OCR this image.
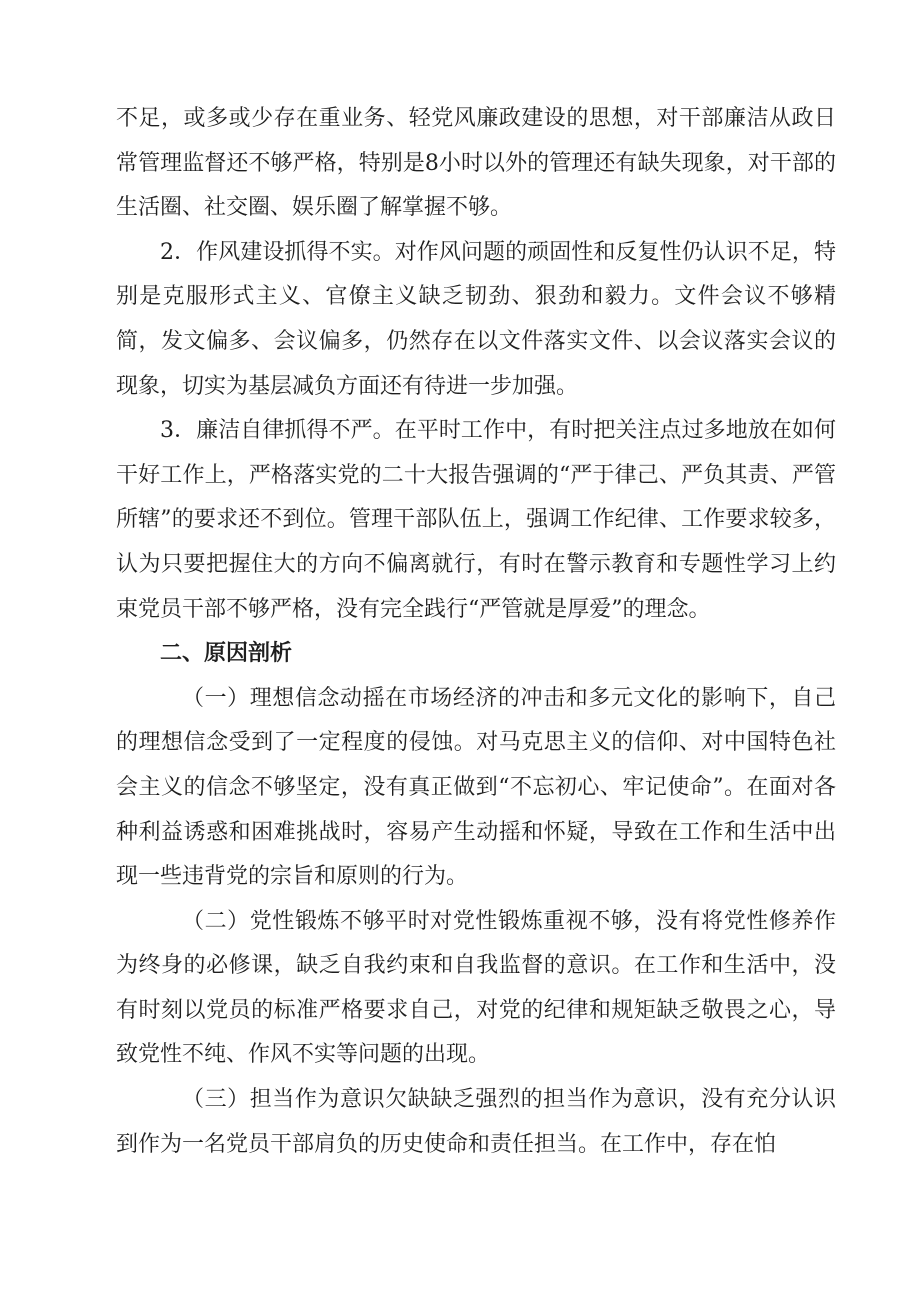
不足，或多或少存在重业务、轻党风廉政建设的思想，对干部廉洁从政日常管理监督还不够严格，特别是8小时以外的管理还有缺失现象，对干部的生活圈、社交圈、娱乐圈了解掌握不够。

2．作风建设抓得不实。对作风问题的顽固性和反复性仍认识不足，特别是克服形式主义、官僚主义缺乏韧劲、狠劲和毅力。文件会议不够精简，发文偏多、会议偏多，仍然存在以文件落实文件、以会议落实会议的现象，切实为基层减负方面还有待进一步加强。

3．廉洁自律抓得不严。在平时工作中，有时把关注点过多地放在如何干好工作上，严格落实党的二十大报告强调的“严于律己、严负其责、严管所辖”的要求还不到位。管理干部队伍上，强调工作纪律、工作要求较多，认为只要把握住大的方向不偏离就行，有时在警示教育和专题性学习上约束党员干部不够严格，没有完全践行“严管就是厚爱”的理念。

二、原因剖析

（一）理想信念动摇在市场经济的冲击和多元文化的影响下，自己的理想信念受到了一定程度的侵蚀。对马克思主义的信仰、对中国特色社会主义的信念不够坚定，没有真正做到“不忘初心、牢记使命”。在面对各种利益诱惑和困难挑战时，容易产生动摇和怀疑，导致在工作和生活中出现一些违背党的宗旨和原则的行为。

（二）党性锻炼不够平时对党性锻炼重视不够，没有将党性修养作为终身的必修课，缺乏自我约束和自我监督的意识。在工作和生活中，没有时刻以党员的标准严格要求自己，对党的纪律和规矩缺乏敬畏之心，导致党性不纯、作风不实等问题的出现。

（三）担当作为意识欠缺缺乏强烈的担当作为意识，没有充分认识到作为一名党员干部肩负的历史使命和责任担当。在工作中，存在怕
